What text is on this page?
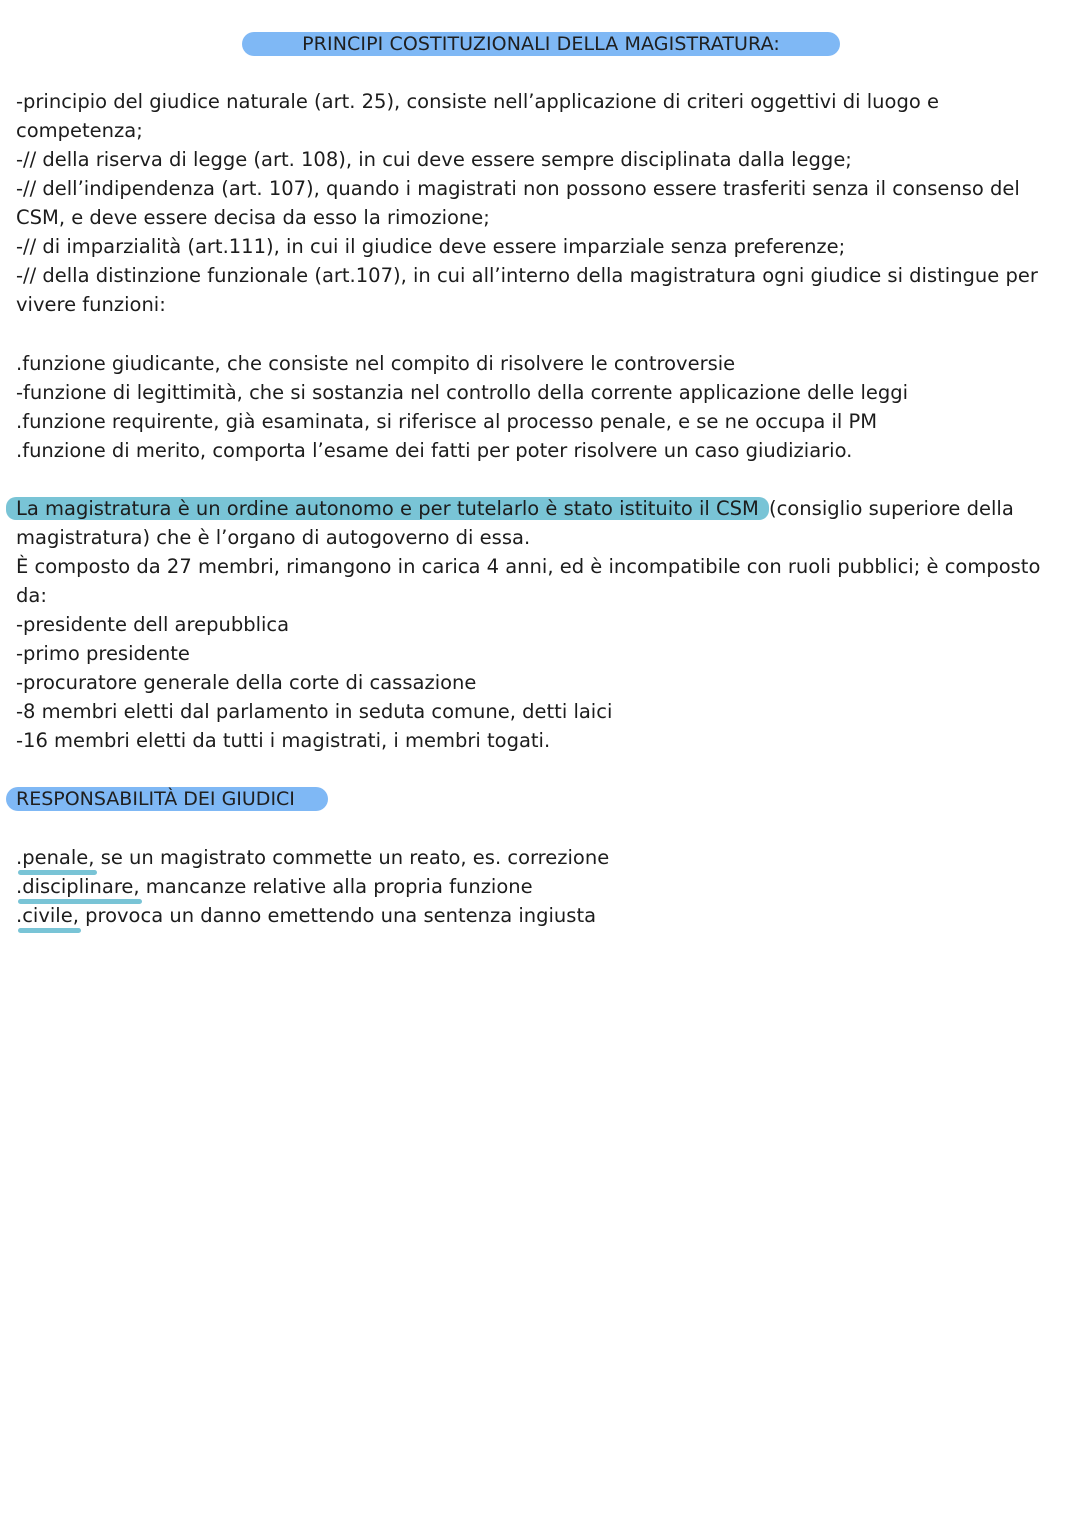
PRINCIPI COSTITUZIONALI DELLA MAGISTRATURA:
-principio del giudice naturale (art. 25), consiste nell’applicazione di criteri oggettivi di luogo e
competenza;
-// della riserva di legge (art. 108), in cui deve essere sempre disciplinata dalla legge;
-// dell’indipendenza (art. 107), quando i magistrati non possono essere trasferiti senza il consenso del
CSM, e deve essere decisa da esso la rimozione;
-// di imparzialità (art.111), in cui il giudice deve essere imparziale senza preferenze;
-// della distinzione funzionale (art.107), in cui all’interno della magistratura ogni giudice si distingue per
vivere funzioni:
.funzione giudicante, che consiste nel compito di risolvere le controversie
-funzione di legittimità, che si sostanzia nel controllo della corrente applicazione delle leggi
.funzione requirente, già esaminata, si riferisce al processo penale, e se ne occupa il PM
.funzione di merito, comporta l’esame dei fatti per poter risolvere un caso giudiziario.
La magistratura è un ordine autonomo e per tutelarlo è stato istituito il CSM (consiglio superiore della
magistratura) che è l’organo di autogoverno di essa.
È composto da 27 membri, rimangono in carica 4 anni, ed è incompatibile con ruoli pubblici; è composto
da:
-presidente dell arepubblica
-primo presidente
-procuratore generale della corte di cassazione
-8 membri eletti dal parlamento in seduta comune, detti laici
-16 membri eletti da tutti i magistrati, i membri togati.
RESPONSABILITÀ DEI GIUDICI
.penale, se un magistrato commette un reato, es. correzione
.disciplinare, mancanze relative alla propria funzione
.civile, provoca un danno emettendo una sentenza ingiusta
